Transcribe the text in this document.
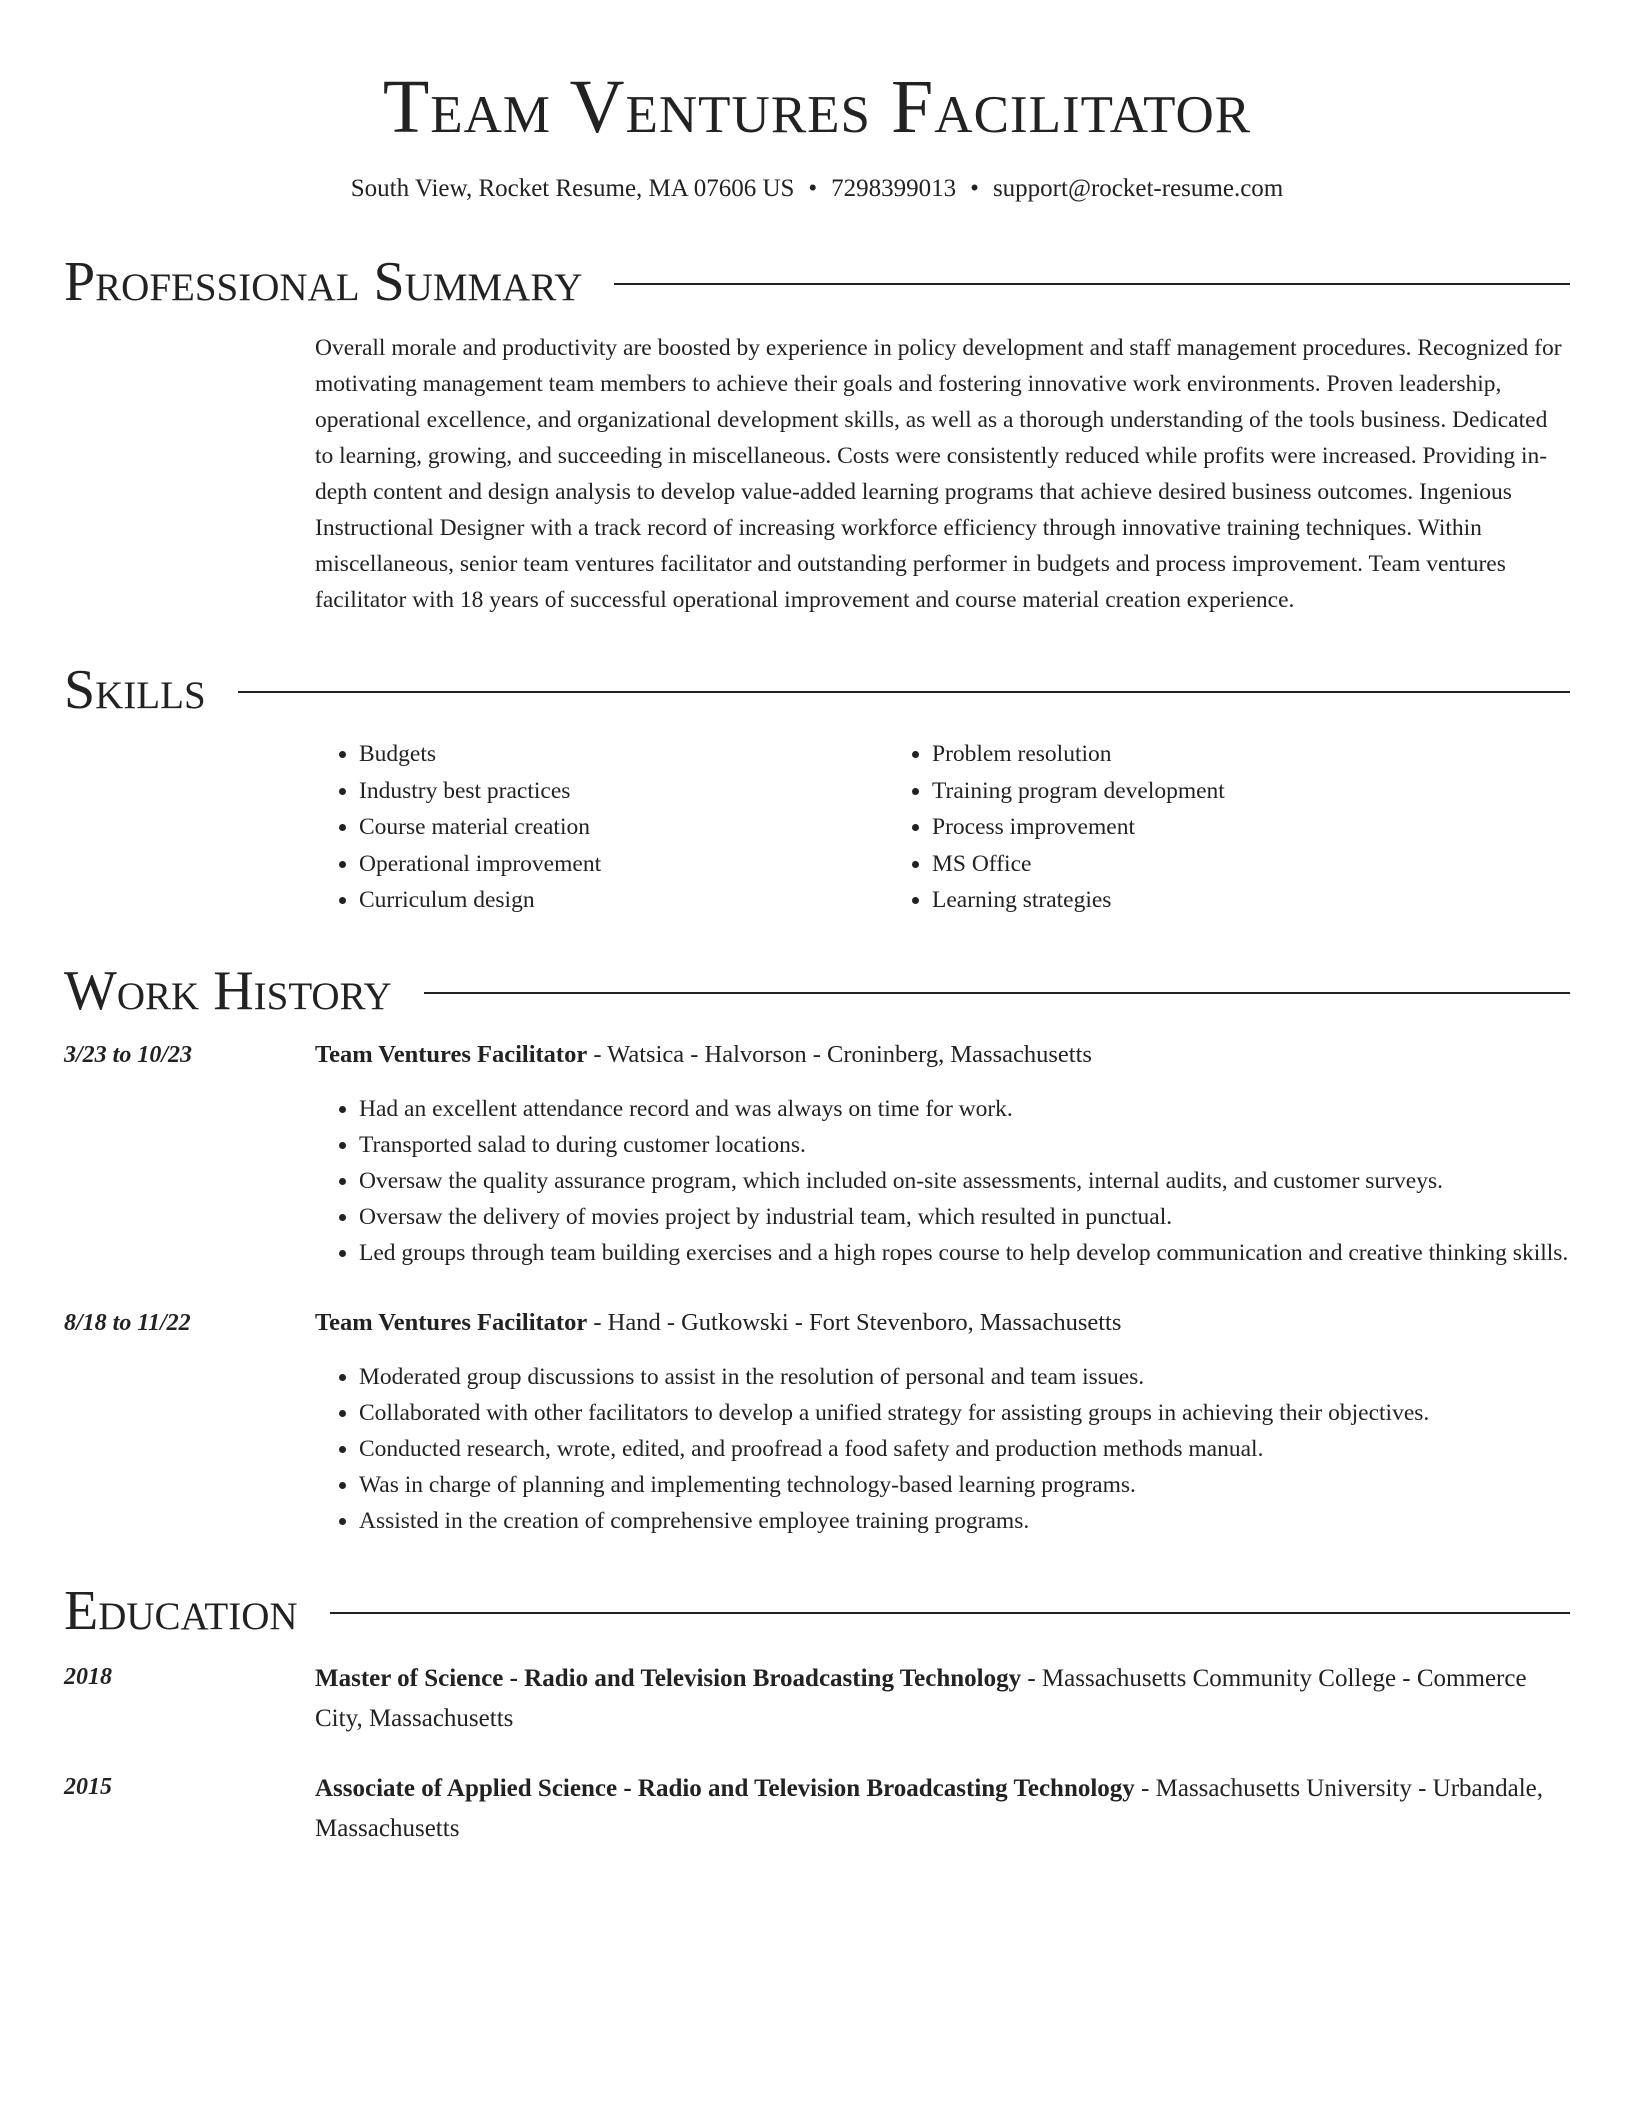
Team Ventures Facilitator
South View, Rocket Resume, MA 07606 US • 7298399013 • support@rocket-resume.com
Professional Summary
Overall morale and productivity are boosted by experience in policy development and staff management procedures. Recognized for motivating management team members to achieve their goals and fostering innovative work environments. Proven leadership, operational excellence, and organizational development skills, as well as a thorough understanding of the tools business. Dedicated to learning, growing, and succeeding in miscellaneous. Costs were consistently reduced while profits were increased. Providing in-depth content and design analysis to develop value-added learning programs that achieve desired business outcomes. Ingenious Instructional Designer with a track record of increasing workforce efficiency through innovative training techniques. Within miscellaneous, senior team ventures facilitator and outstanding performer in budgets and process improvement. Team ventures facilitator with 18 years of successful operational improvement and course material creation experience.
Skills
• Budgets
• Industry best practices
• Course material creation
• Operational improvement
• Curriculum design
• Problem resolution
• Training program development
• Process improvement
• MS Office
• Learning strategies
Work History
3/23 to 10/23	Team Ventures Facilitator - Watsica - Halvorson - Croninberg, Massachusetts
• Had an excellent attendance record and was always on time for work.
• Transported salad to during customer locations.
• Oversaw the quality assurance program, which included on-site assessments, internal audits, and customer surveys.
• Oversaw the delivery of movies project by industrial team, which resulted in punctual.
• Led groups through team building exercises and a high ropes course to help develop communication and creative thinking skills.
8/18 to 11/22	Team Ventures Facilitator - Hand - Gutkowski - Fort Stevenboro, Massachusetts
• Moderated group discussions to assist in the resolution of personal and team issues.
• Collaborated with other facilitators to develop a unified strategy for assisting groups in achieving their objectives.
• Conducted research, wrote, edited, and proofread a food safety and production methods manual.
• Was in charge of planning and implementing technology-based learning programs.
• Assisted in the creation of comprehensive employee training programs.
Education
2018	Master of Science - Radio and Television Broadcasting Technology - Massachusetts Community College - Commerce City, Massachusetts
2015	Associate of Applied Science - Radio and Television Broadcasting Technology - Massachusetts University - Urbandale, Massachusetts
